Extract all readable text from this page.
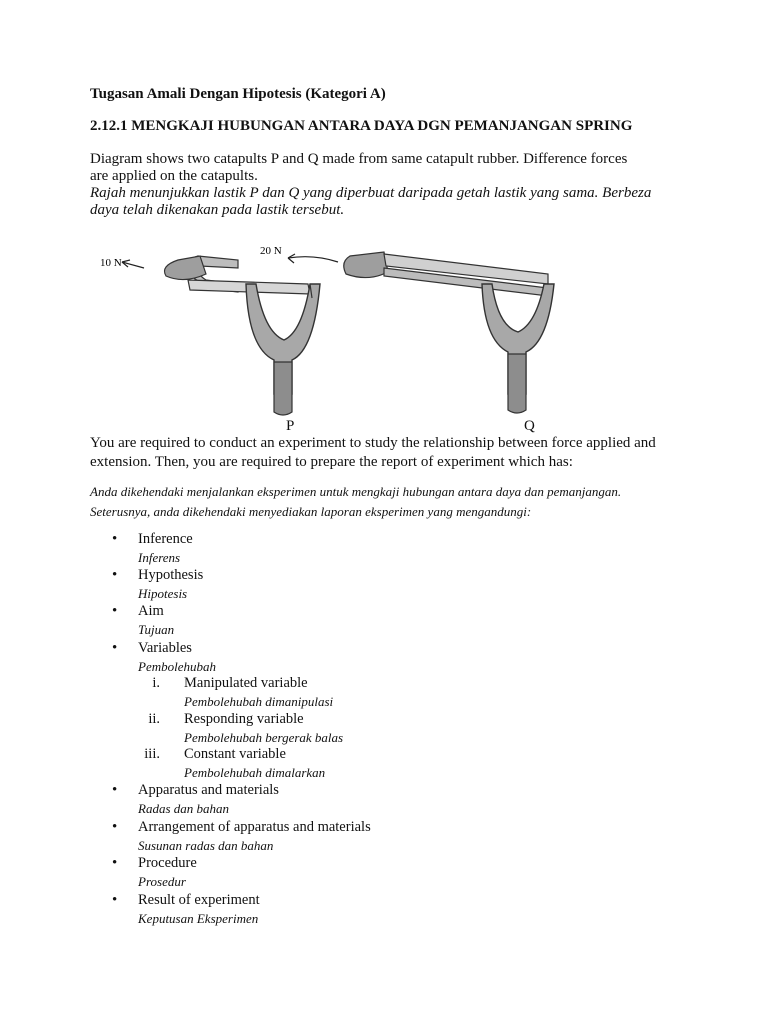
Tugasan Amali Dengan Hipotesis (Kategori A)
2.12.1 MENGKAJI HUBUNGAN ANTARA DAYA DGN PEMANJANGAN SPRING
Diagram shows two catapults P and Q made from same catapult rubber. Difference forces
are applied on the catapults.
Rajah menunjukkan lastik P dan Q yang diperbuat daripada getah lastik yang sama. Berbeza
daya telah dikenakan pada lastik tersebut.
10 N
20 N
P	Q
You are required to conduct an experiment to study the relationship between force applied and
extension. Then, you are required to prepare the report of experiment which has:
Anda dikehendaki menjalankan eksperimen untuk mengkaji hubungan antara daya dan pemanjangan.
Seterusnya, anda dikehendaki menyediakan laporan eksperimen yang mengandungi:
• Inference
Inferens
• Hypothesis
Hipotesis
• Aim
Tujuan
• Variables
Pembolehubah
i. Manipulated variable
Pembolehubah dimanipulasi
ii. Responding variable
Pembolehubah bergerak balas
iii. Constant variable
Pembolehubah dimalarkan
• Apparatus and materials
Radas dan bahan
• Arrangement of apparatus and materials
Susunan radas dan bahan
• Procedure
Prosedur
• Result of experiment
Keputusan Eksperimen
